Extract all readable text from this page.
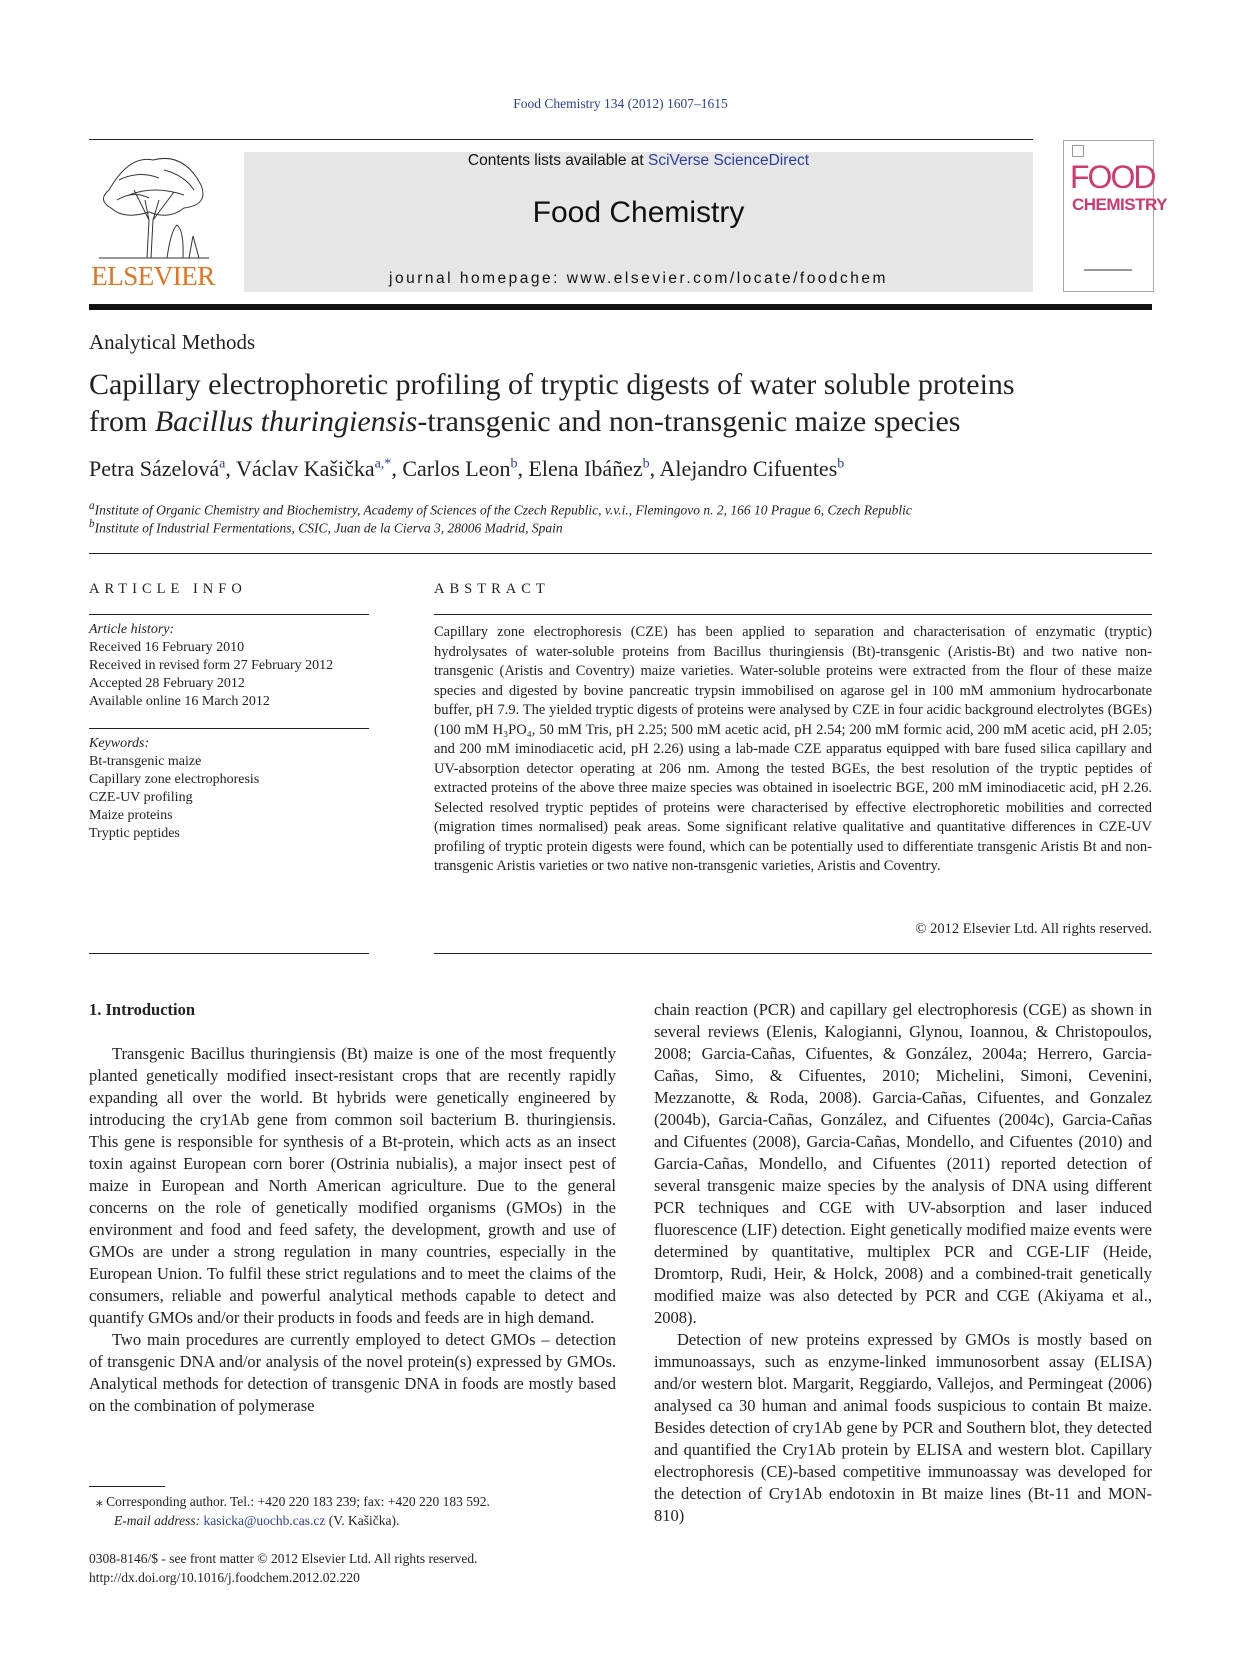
Food Chemistry 134 (2012) 1607–1615
ELSEVIER
Contents lists available at SciVerse ScienceDirect
Food Chemistry
journal homepage: www.elsevier.com/locate/foodchem
FOOD
CHEMISTRY
Analytical Methods
Capillary electrophoretic profiling of tryptic digests of water soluble proteins
from Bacillus thuringiensis-transgenic and non-transgenic maize species
Petra Sázelová$^a$, Václav Kašička$^{a,*}$, Carlos Leon$^b$, Elena Ibáñez$^b$, Alejandro Cifuentes$^b$
$^a$Institute of Organic Chemistry and Biochemistry, Academy of Sciences of the Czech Republic, v.v.i., Flemingovo n. 2, 166 10 Prague 6, Czech Republic
$^b$Institute of Industrial Fermentations, CSIC, Juan de la Cierva 3, 28006 Madrid, Spain
ARTICLE INFO
Article history:
Received 16 February 2010
Received in revised form 27 February 2012
Accepted 28 February 2012
Available online 16 March 2012
Keywords:
Bt-transgenic maize
Capillary zone electrophoresis
CZE-UV profiling
Maize proteins
Tryptic peptides
ABSTRACT
Capillary zone electrophoresis (CZE) has been applied to separation and characterisation of enzymatic (tryptic) hydrolysates of water-soluble proteins from Bacillus thuringiensis (Bt)-transgenic (Aristis-Bt) and two native non-transgenic (Aristis and Coventry) maize varieties. Water-soluble proteins were extracted from the flour of these maize species and digested by bovine pancreatic trypsin immobilised on agarose gel in 100 mM ammonium hydrocarbonate buffer, pH 7.9. The yielded tryptic digests of proteins were analysed by CZE in four acidic background electrolytes (BGEs) (100 mM H₃PO₄, 50 mM Tris, pH 2.25; 500 mM acetic acid, pH 2.54; 200 mM formic acid, 200 mM acetic acid, pH 2.05; and 200 mM iminodiacetic acid, pH 2.26) using a lab-made CZE apparatus equipped with bare fused silica capillary and UV-absorption detector operating at 206 nm. Among the tested BGEs, the best resolution of the tryptic peptides of extracted proteins of the above three maize species was obtained in isoelectric BGE, 200 mM iminodiacetic acid, pH 2.26. Selected resolved tryptic peptides of proteins were characterised by effective electrophoretic mobilities and corrected (migration times normalised) peak areas. Some significant relative qualitative and quantitative differences in CZE-UV profiling of tryptic protein digests were found, which can be potentially used to differentiate transgenic Aristis Bt and non-transgenic Aristis varieties or two native non-transgenic varieties, Aristis and Coventry.
© 2012 Elsevier Ltd. All rights reserved.
1. Introduction

Transgenic Bacillus thuringiensis (Bt) maize is one of the most frequently planted genetically modified insect-resistant crops that are recently rapidly expanding all over the world. Bt hybrids were genetically engineered by introducing the cry1Ab gene from common soil bacterium B. thuringiensis. This gene is responsible for synthesis of a Bt-protein, which acts as an insect toxin against European corn borer (Ostrinia nubialis), a major insect pest of maize in European and North American agriculture. Due to the general concerns on the role of genetically modified organisms (GMOs) in the environment and food and feed safety, the development, growth and use of GMOs are under a strong regulation in many countries, especially in the European Union. To fulfil these strict regulations and to meet the claims of the consumers, reliable and powerful analytical methods capable to detect and quantify GMOs and/or their products in foods and feeds are in high demand.

Two main procedures are currently employed to detect GMOs – detection of transgenic DNA and/or analysis of the novel protein(s) expressed by GMOs. Analytical methods for detection of transgenic DNA in foods are mostly based on the combination of polymerase

chain reaction (PCR) and capillary gel electrophoresis (CGE) as shown in several reviews (Elenis, Kalogianni, Glynou, Ioannou, & Christopoulos, 2008; Garcia-Cañas, Cifuentes, & González, 2004a; Herrero, Garcia-Cañas, Simo, & Cifuentes, 2010; Michelini, Simoni, Cevenini, Mezzanotte, & Roda, 2008). Garcia-Cañas, Cifuentes, and Gonzalez (2004b), Garcia-Cañas, González, and Cifuentes (2004c), Garcia-Cañas and Cifuentes (2008), Garcia-Cañas, Mondello, and Cifuentes (2010) and Garcia-Cañas, Mondello, and Cifuentes (2011) reported detection of several transgenic maize species by the analysis of DNA using different PCR techniques and CGE with UV-absorption and laser induced fluorescence (LIF) detection. Eight genetically modified maize events were determined by quantitative, multiplex PCR and CGE-LIF (Heide, Dromtorp, Rudi, Heir, & Holck, 2008) and a combined-trait genetically modified maize was also detected by PCR and CGE (Akiyama et al., 2008).

Detection of new proteins expressed by GMOs is mostly based on immunoassays, such as enzyme-linked immunosorbent assay (ELISA) and/or western blot. Margarit, Reggiardo, Vallejos, and Permingeat (2006) analysed ca 30 human and animal foods suspicious to contain Bt maize. Besides detection of cry1Ab gene by PCR and Southern blot, they detected and quantified the Cry1Ab protein by ELISA and western blot. Capillary electrophoresis (CE)-based competitive immunoassay was developed for the detection of Cry1Ab endotoxin in Bt maize lines (Bt-11 and MON-810)

⁎ Corresponding author. Tel.: +420 220 183 239; fax: +420 220 183 592.
E-mail address: kasicka@uochb.cas.cz (V. Kašička).
0308-8146/$ - see front matter © 2012 Elsevier Ltd. All rights reserved.
http://dx.doi.org/10.1016/j.foodchem.2012.02.220
